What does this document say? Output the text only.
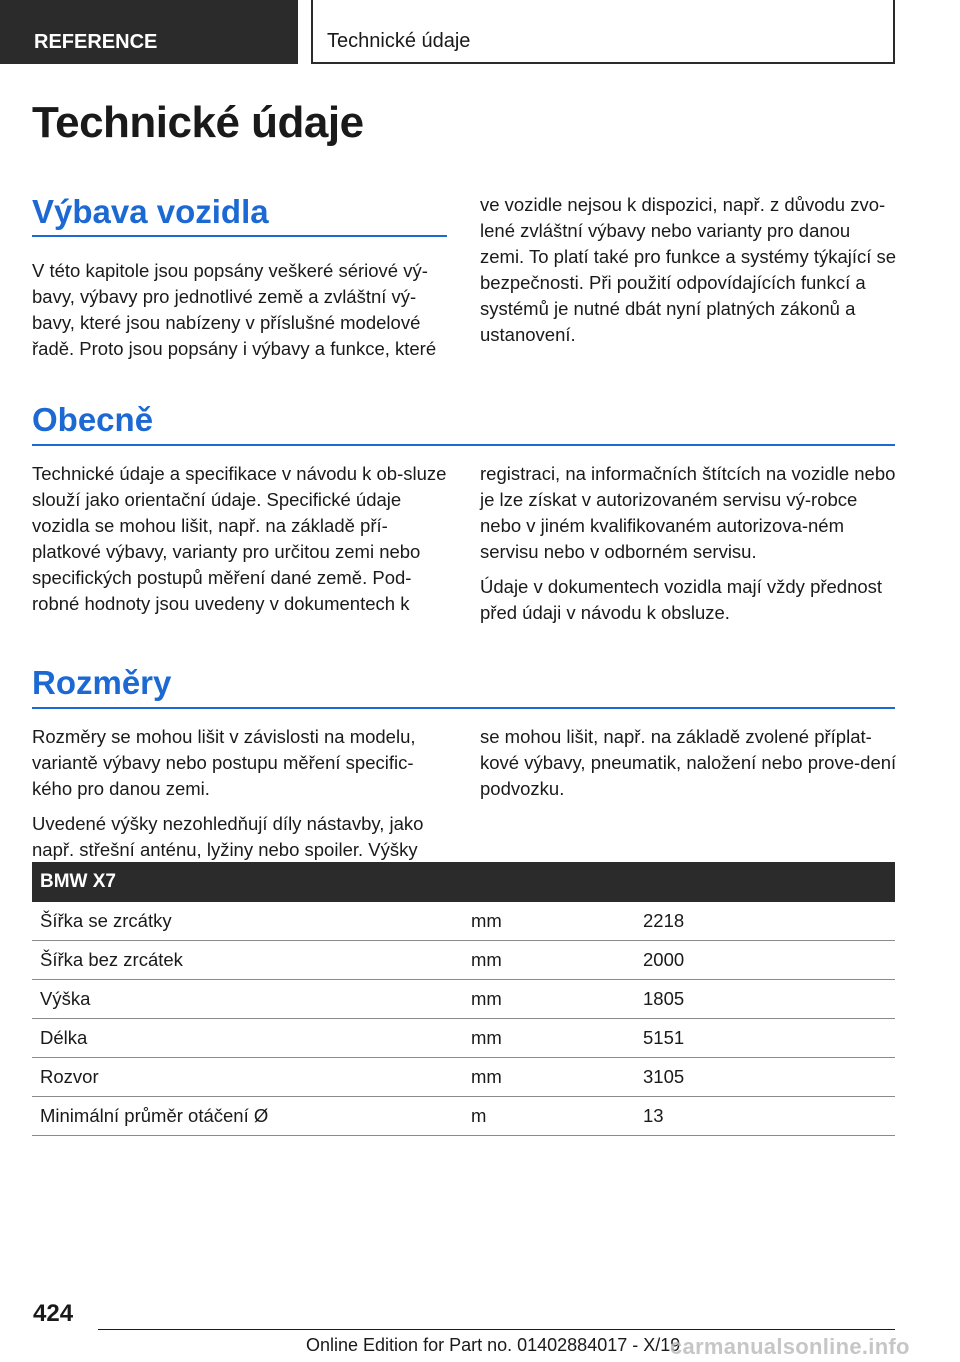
REFERENCE	Technické údaje
Technické údaje
Výbava vozidla

V této kapitole jsou popsány veškeré sériové vý-bavy, výbavy pro jednotlivé země a zvláštní vý-bavy, které jsou nabízeny v příslušné modelové řadě. Proto jsou popsány i výbavy a funkce, které

ve vozidle nejsou k dispozici, např. z důvodu zvo-lené zvláštní výbavy nebo varianty pro danou zemi. To platí také pro funkce a systémy týkající se bezpečnosti. Při použití odpovídajících funkcí a systémů je nutné dbát nyní platných zákonů a ustanovení.

Obecně

Technické údaje a specifikace v návodu k ob-sluze slouží jako orientační údaje. Specifické údaje vozidla se mohou lišit, např. na základě pří-platkové výbavy, varianty pro určitou zemi nebo specifických postupů měření dané země. Pod-robné hodnoty jsou uvedeny v dokumentech k

registraci, na informačních štítcích na vozidle nebo je lze získat v autorizovaném servisu vý-robce nebo v jiném kvalifikovaném autorizova-ném servisu nebo v odborném servisu.

Údaje v dokumentech vozidla mají vždy přednost před údaji v návodu k obsluze.

Rozměry

Rozměry se mohou lišit v závislosti na modelu, variantě výbavy nebo postupu měření specific-kého pro danou zemi.

Uvedené výšky nezohledňují díly nástavby, jako např. střešní anténu, lyžiny nebo spoiler. Výšky

se mohou lišit, např. na základě zvolené příplat-kové výbavy, pneumatik, naložení nebo prove-dení podvozku.

BMW X7		
Šířka se zrcátky	mm	2218
Šířka bez zrcátek	mm	2000
Výška	mm	1805
Délka	mm	5151
Rozvor	mm	3105
Minimální průměr otáčení Ø	m	13
424
Online Edition for Part no. 01402884017 - X/19
carmanualsonline.info
